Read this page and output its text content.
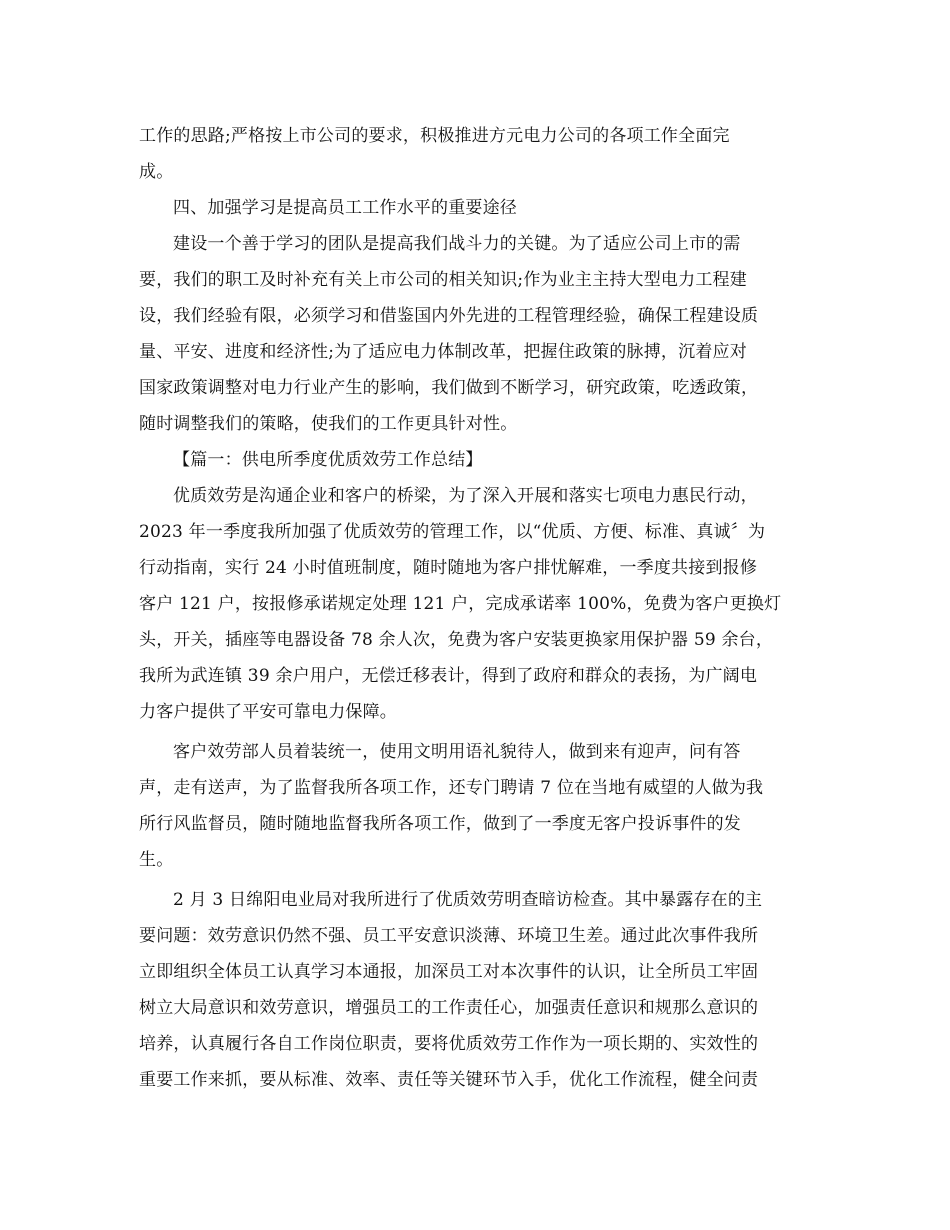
工作的思路;严格按上市公司的要求，积极推进方元电力公司的各项工作全面完
成。
四、加强学习是提高员工工作水平的重要途径
建设一个善于学习的团队是提高我们战斗力的关键。为了适应公司上市的需
要，我们的职工及时补充有关上市公司的相关知识;作为业主主持大型电力工程建
设，我们经验有限，必须学习和借鉴国内外先进的工程管理经验，确保工程建设质
量、平安、进度和经济性;为了适应电力体制改革，把握住政策的脉搏，沉着应对
国家政策调整对电力行业产生的影响，我们做到不断学习，研究政策，吃透政策，
随时调整我们的策略，使我们的工作更具针对性。
【篇一：供电所季度优质效劳工作总结】
优质效劳是沟通企业和客户的桥梁，为了深入开展和落实七项电力惠民行动，
2023 年一季度我所加强了优质效劳的管理工作，以“优质、方便、标准、真诚〞为
行动指南，实行 24 小时值班制度，随时随地为客户排忧解难，一季度共接到报修
客户 121 户，按报修承诺规定处理 121 户，完成承诺率 100%，免费为客户更换灯
头，开关，插座等电器设备 78 余人次，免费为客户安装更换家用保护器 59 余台，
我所为武连镇 39 余户用户，无偿迁移表计，得到了政府和群众的表扬，为广阔电
力客户提供了平安可靠电力保障。
客户效劳部人员着装统一，使用文明用语礼貌待人，做到来有迎声，问有答
声，走有送声，为了监督我所各项工作，还专门聘请 7 位在当地有威望的人做为我
所行风监督员，随时随地监督我所各项工作，做到了一季度无客户投诉事件的发
生。
2 月 3 日绵阳电业局对我所进行了优质效劳明查暗访检查。其中暴露存在的主
要问题：效劳意识仍然不强、员工平安意识淡薄、环境卫生差。通过此次事件我所
立即组织全体员工认真学习本通报，加深员工对本次事件的认识，让全所员工牢固
树立大局意识和效劳意识，增强员工的工作责任心，加强责任意识和规那么意识的
培养，认真履行各自工作岗位职责，要将优质效劳工作作为一项长期的、实效性的
重要工作来抓，要从标准、效率、责任等关键环节入手，优化工作流程，健全问责
